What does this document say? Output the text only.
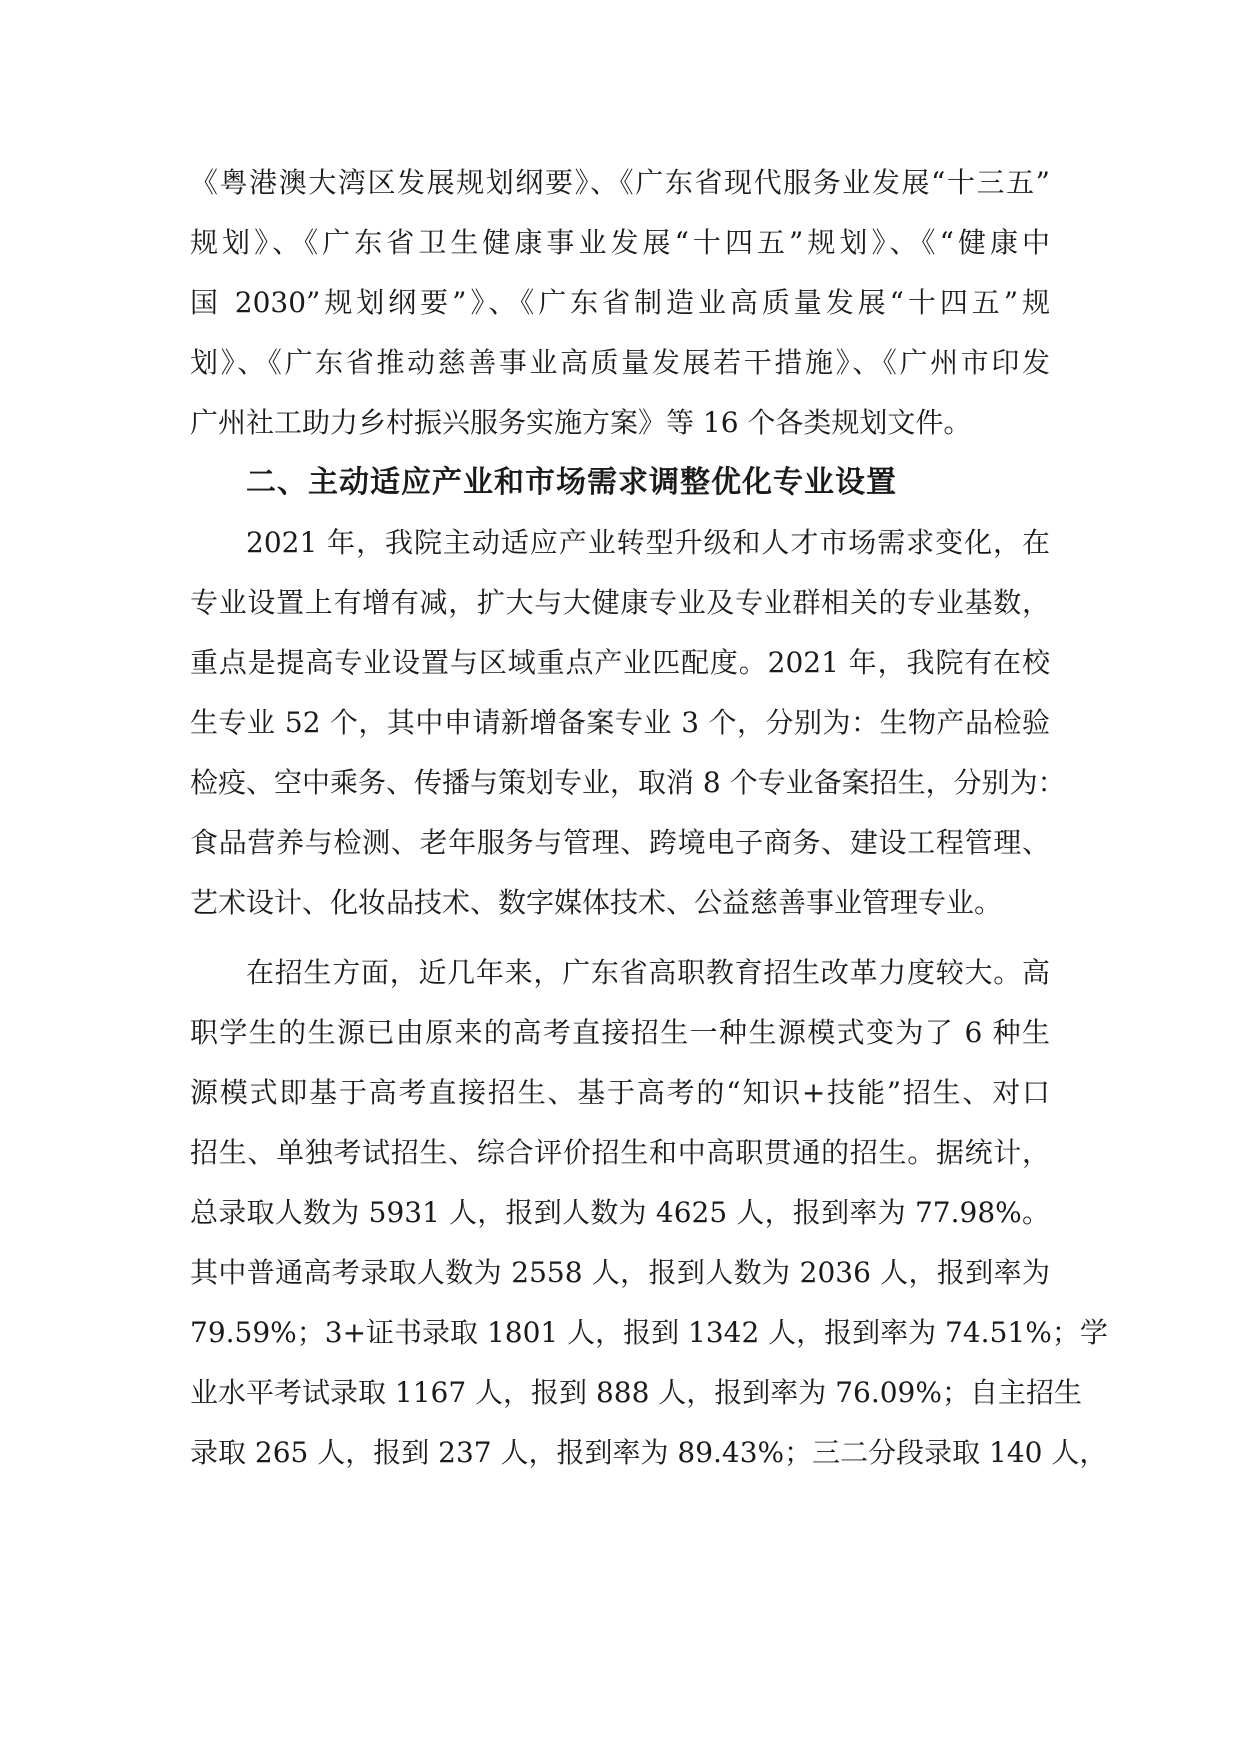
《粤港澳大湾区发展规划纲要》、《广东省现代服务业发展“十三五”
规划》、《广东省卫生健康事业发展“十四五”规划》、《“健康中
国 2030”规划纲要”》、《广东省制造业高质量发展“十四五”规
划》、《广东省推动慈善事业高质量发展若干措施》、《广州市印发
广州社工助力乡村振兴服务实施方案》等 16 个各类规划文件。
二、主动适应产业和市场需求调整优化专业设置
2021 年，我院主动适应产业转型升级和人才市场需求变化，在
专业设置上有增有减，扩大与大健康专业及专业群相关的专业基数，
重点是提高专业设置与区域重点产业匹配度。2021 年，我院有在校
生专业 52 个，其中申请新增备案专业 3 个，分别为：生物产品检验
检疫、空中乘务、传播与策划专业，取消 8 个专业备案招生，分别为：
食品营养与检测、老年服务与管理、跨境电子商务、建设工程管理、
艺术设计、化妆品技术、数字媒体技术、公益慈善事业管理专业。
在招生方面，近几年来，广东省高职教育招生改革力度较大。高
职学生的生源已由原来的高考直接招生一种生源模式变为了 6 种生
源模式即基于高考直接招生、基于高考的“知识+技能”招生、对口
招生、单独考试招生、综合评价招生和中高职贯通的招生。据统计，
总录取人数为 5931 人，报到人数为 4625 人，报到率为 77.98%。
其中普通高考录取人数为 2558 人，报到人数为 2036 人，报到率为
79.59%；3+证书录取 1801 人，报到 1342 人，报到率为 74.51%；学
业水平考试录取 1167 人，报到 888 人，报到率为 76.09%；自主招生
录取 265 人，报到 237 人，报到率为 89.43%；三二分段录取 140 人，
